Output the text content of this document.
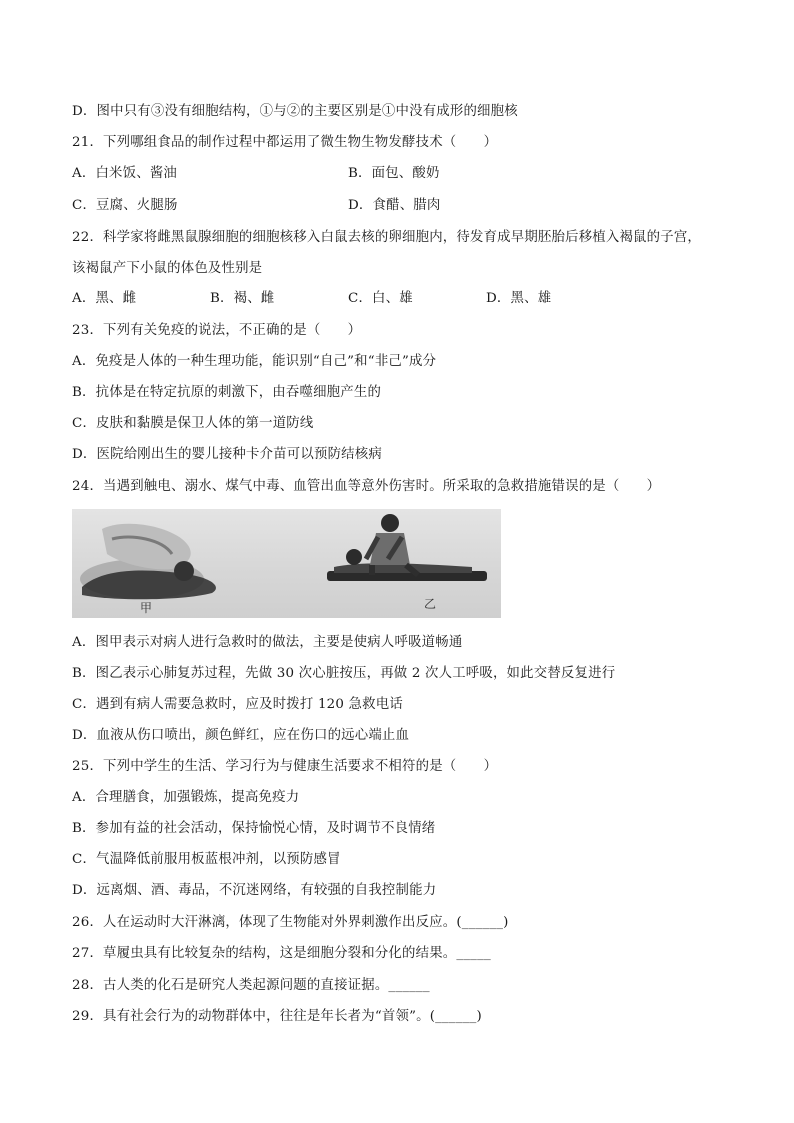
D．图中只有③没有细胞结构，①与②的主要区别是①中没有成形的细胞核
21．下列哪组食品的制作过程中都运用了微生物生物发酵技术（　　）
A．白米饭、酱油	B．面包、酸奶
C．豆腐、火腿肠	D．食醋、腊肉
22．科学家将雌黑鼠腺细胞的细胞核移入白鼠去核的卵细胞内，待发育成早期胚胎后移植入褐鼠的子宫，
该褐鼠产下小鼠的体色及性别是
A．黑、雌	B．褐、雌	C．白、雄	D．黑、雄
23．下列有关免疫的说法，不正确的是（　　）
A．免疫是人体的一种生理功能，能识别“自己”和“非己”成分
B．抗体是在特定抗原的刺激下，由吞噬细胞产生的
C．皮肤和黏膜是保卫人体的第一道防线
D．医院给刚出生的婴儿接种卡介苗可以预防结核病
24．当遇到触电、溺水、煤气中毒、血管出血等意外伤害时。所采取的急救措施错误的是（　　）
甲	乙
A．图甲表示对病人进行急救时的做法，主要是使病人呼吸道畅通
B．图乙表示心肺复苏过程，先做 30 次心脏按压，再做 2 次人工呼吸，如此交替反复进行
C．遇到有病人需要急救时，应及时拨打 120 急救电话
D．血液从伤口喷出，颜色鲜红，应在伤口的远心端止血
25．下列中学生的生活、学习行为与健康生活要求不相符的是（　　）
A．合理膳食，加强锻炼，提高免疫力
B．参加有益的社会活动，保持愉悦心情，及时调节不良情绪
C．气温降低前服用板蓝根冲剂，以预防感冒
D．远离烟、酒、毒品，不沉迷网络，有较强的自我控制能力
26．人在运动时大汗淋漓，体现了生物能对外界刺激作出反应。(______)
27．草履虫具有比较复杂的结构，这是细胞分裂和分化的结果。_____
28．古人类的化石是研究人类起源问题的直接证据。______
29．具有社会行为的动物群体中，往往是年长者为“首领”。(______)
